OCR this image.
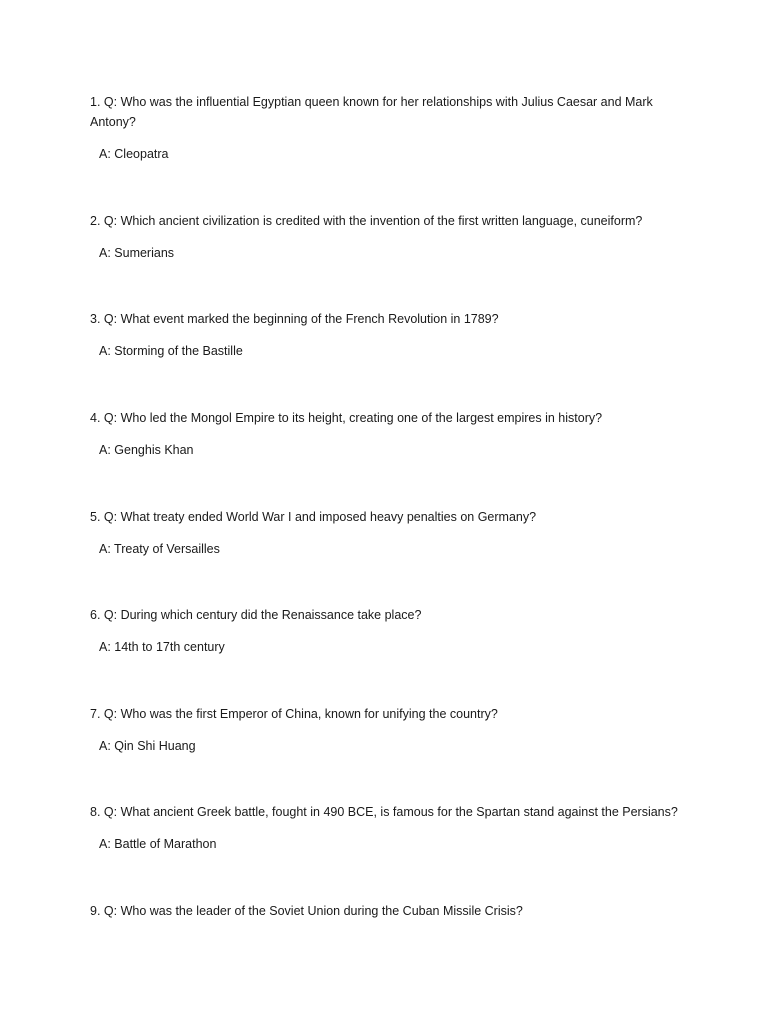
1. Q: Who was the influential Egyptian queen known for her relationships with Julius Caesar and Mark Antony?

A: Cleopatra

2. Q: Which ancient civilization is credited with the invention of the first written language, cuneiform?

A: Sumerians

3. Q: What event marked the beginning of the French Revolution in 1789?

A: Storming of the Bastille

4. Q: Who led the Mongol Empire to its height, creating one of the largest empires in history?

A: Genghis Khan

5. Q: What treaty ended World War I and imposed heavy penalties on Germany?

A: Treaty of Versailles

6. Q: During which century did the Renaissance take place?

A: 14th to 17th century

7. Q: Who was the first Emperor of China, known for unifying the country?

A: Qin Shi Huang

8. Q: What ancient Greek battle, fought in 490 BCE, is famous for the Spartan stand against the Persians?

A: Battle of Marathon

9. Q: Who was the leader of the Soviet Union during the Cuban Missile Crisis?
